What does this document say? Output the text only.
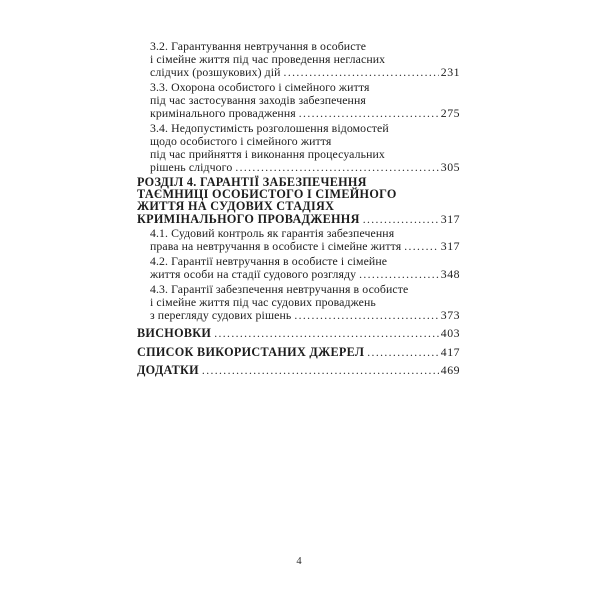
3.2. Гарантування невтручання в особисте
і сімейне життя під час проведення негласних
слідчих (розшукових) дій .....	231
3.3. Охорона особистого і сімейного життя
під час застосування заходів забезпечення
кримінального провадження .....	275
3.4. Недопустимість розголошення відомостей
щодо особистого і сімейного життя
під час прийняття і виконання процесуальних
рішень слідчого .....	305
РОЗДІЛ 4. ГАРАНТІЇ ЗАБЕЗПЕЧЕННЯ
ТАЄМНИЦІ ОСОБИСТОГО І СІМЕЙНОГО
ЖИТТЯ НА СУДОВИХ СТАДІЯХ
КРИМІНАЛЬНОГО ПРОВАДЖЕННЯ .....	317
4.1. Судовий контроль як гарантія забезпечення
права на невтручання в особисте і сімейне життя .....	317
4.2. Гарантії невтручання в особисте і сімейне
життя особи на стадії судового розгляду .....	348
4.3. Гарантії забезпечення невтручання в особисте
і сімейне життя під час судових проваджень
з перегляду судових рішень .....	373
ВИСНОВКИ .....	403
СПИСОК ВИКОРИСТАНИХ ДЖЕРЕЛ .....	417
ДОДАТКИ .....	469
4
